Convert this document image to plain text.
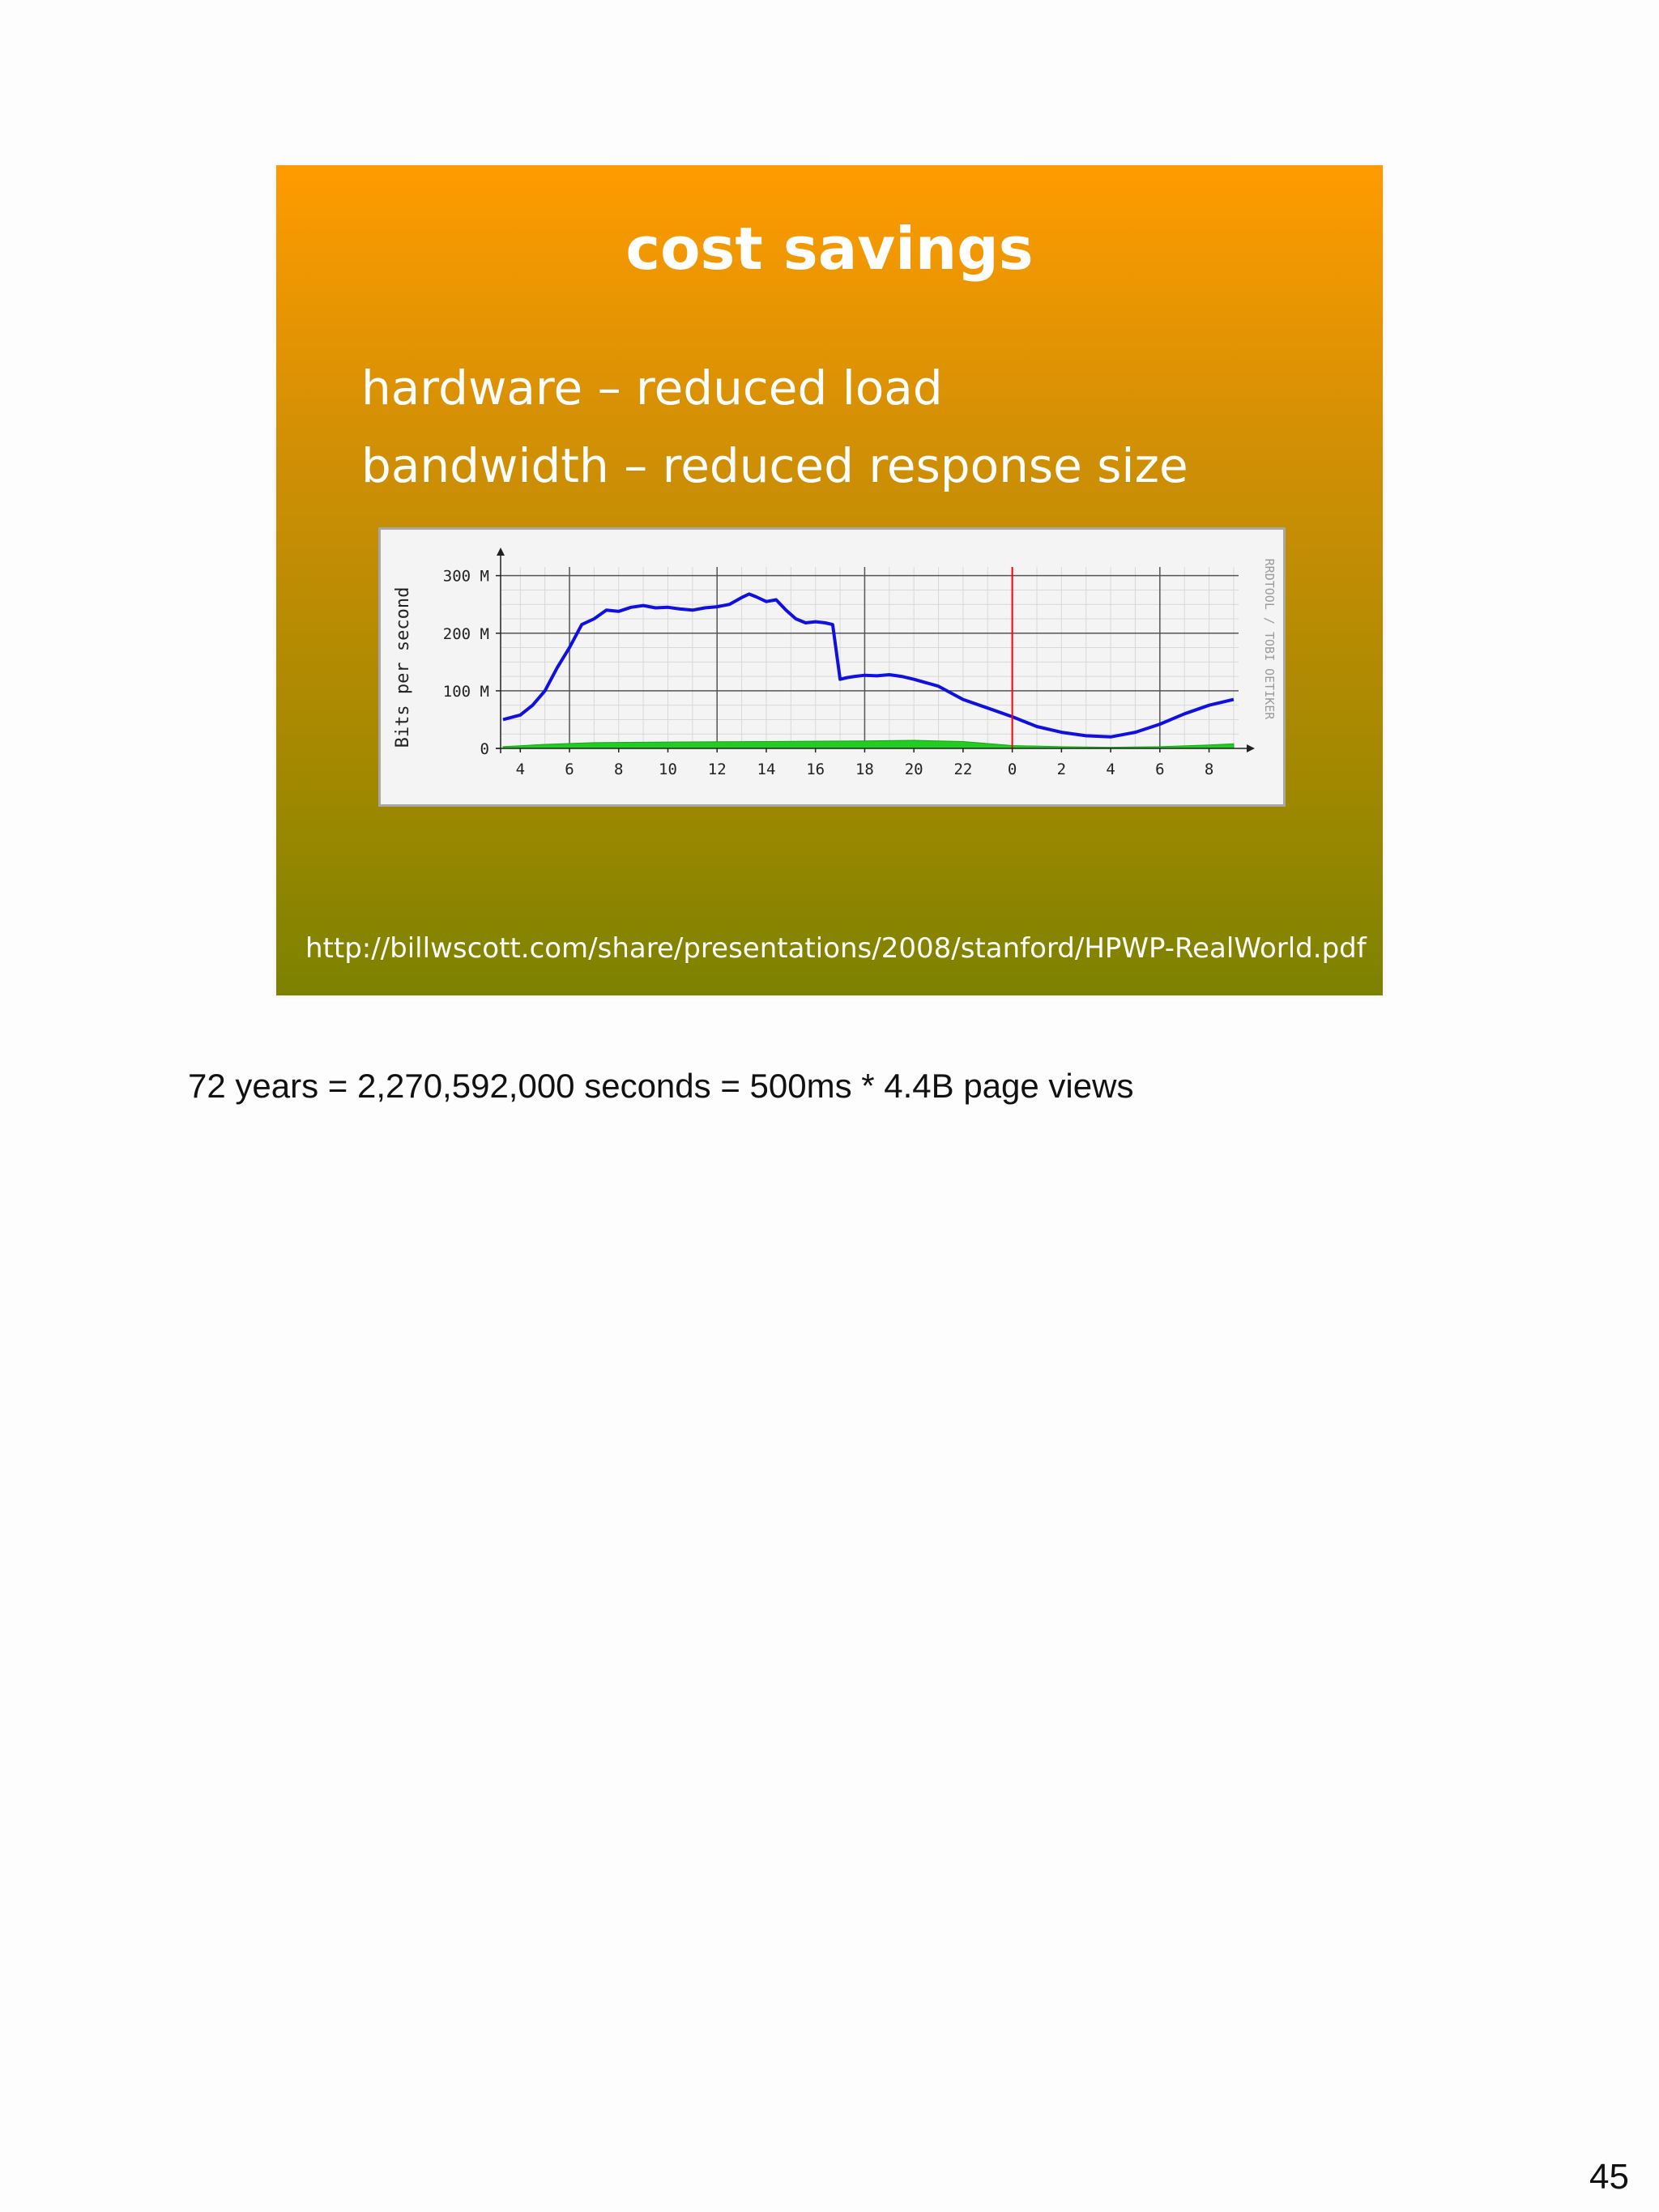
cost savings
hardware – reduced load
bandwidth – reduced response size
0
100 M
200 M
300 M
4	6	8 10 12 14 16 18 20 22 0	2	4	6	8
Bits per second	RRDTOOL / TOBI OETIKER
http://billwscott.com/share/presentations/2008/stanford/HPWP-RealWorld.pdf
72 years = 2,270,592,000 seconds = 500ms * 4.4B page views
45
